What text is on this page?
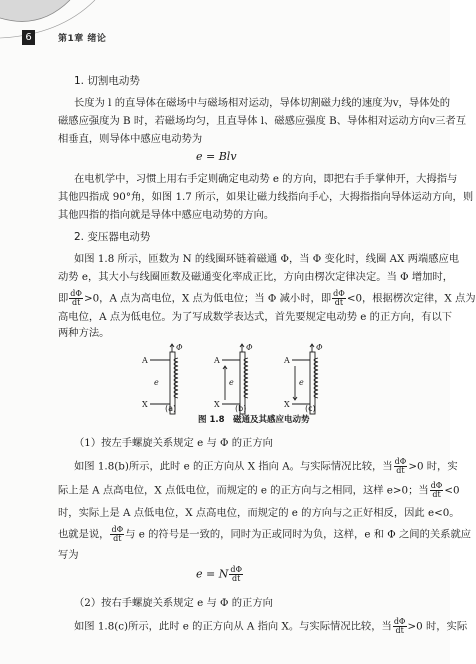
6	第1章 绪论
1. 切割电动势
长度为 l 的直导体在磁场中与磁场相对运动，导体切割磁力线的速度为v，导体处的
磁感应强度为 B 时，若磁场均匀，且直导体 l、磁感应强度 B、导体相对运动方向v三者互
相垂直，则导体中感应电动势为
e = Blv
在电机学中，习惯上用右手定则确定电动势 e 的方向，即把右手手掌伸开，大拇指与
其他四指成 90°角，如图 1.7 所示，如果让磁力线指向手心，大拇指指向导体运动方向，则
其他四指的指向就是导体中感应电动势的方向。
2. 变压器电动势
如图 1.8 所示，匝数为 N 的线圈环链着磁通 Φ，当 Φ 变化时，线圈 AX 两端感应电
动势 e，其大小与线圈匝数及磁通变化率成正比，方向由楞次定律决定。当 Φ 增加时，
即 $\frac{d\Phi}{dt} >0$，A 点为高电位，X 点为低电位；当 Φ 减小时，即 $\frac{d\Phi}{dt} <0$，根据楞次定律，X 点为
高电位，A 点为低电位。为了写成数学表达式，首先要规定电动势 e 的正方向，有以下
两种方法。
Φ	Φ	Φ
A
X
e
A
X
e
A
X
e
(a)	(b)	(c)
图 1.8　磁通及其感应电动势
（1）按左手螺旋关系规定 e 与 Φ 的正方向
如图 1.8(b)所示，此时 e 的正方向从 X 指向 A。与实际情况比较，当 $\frac{d\Phi}{dt} >0$ 时，实
际上是 A 点高电位，X 点低电位，而规定的 e 的正方向与之相同，这样 e>0；当 $\frac{d\Phi}{dt} <0$
时，实际上是 A 点低电位，X 点高电位，而规定的 e 的方向与之正好相反，因此 e<0。
也就是说， $\frac{d\Phi}{dt}$ 与 e 的符号是一致的，同时为正或同时为负，这样，e 和 Φ 之间的关系就应
写为
e = N $\frac{d\Phi}{dt}$
（2）按右手螺旋关系规定 e 与 Φ 的正方向
如图 1.8(c)所示，此时 e 的正方向从 A 指向 X。与实际情况比较，当 $\frac{d\Phi}{dt} >0$ 时，实际
